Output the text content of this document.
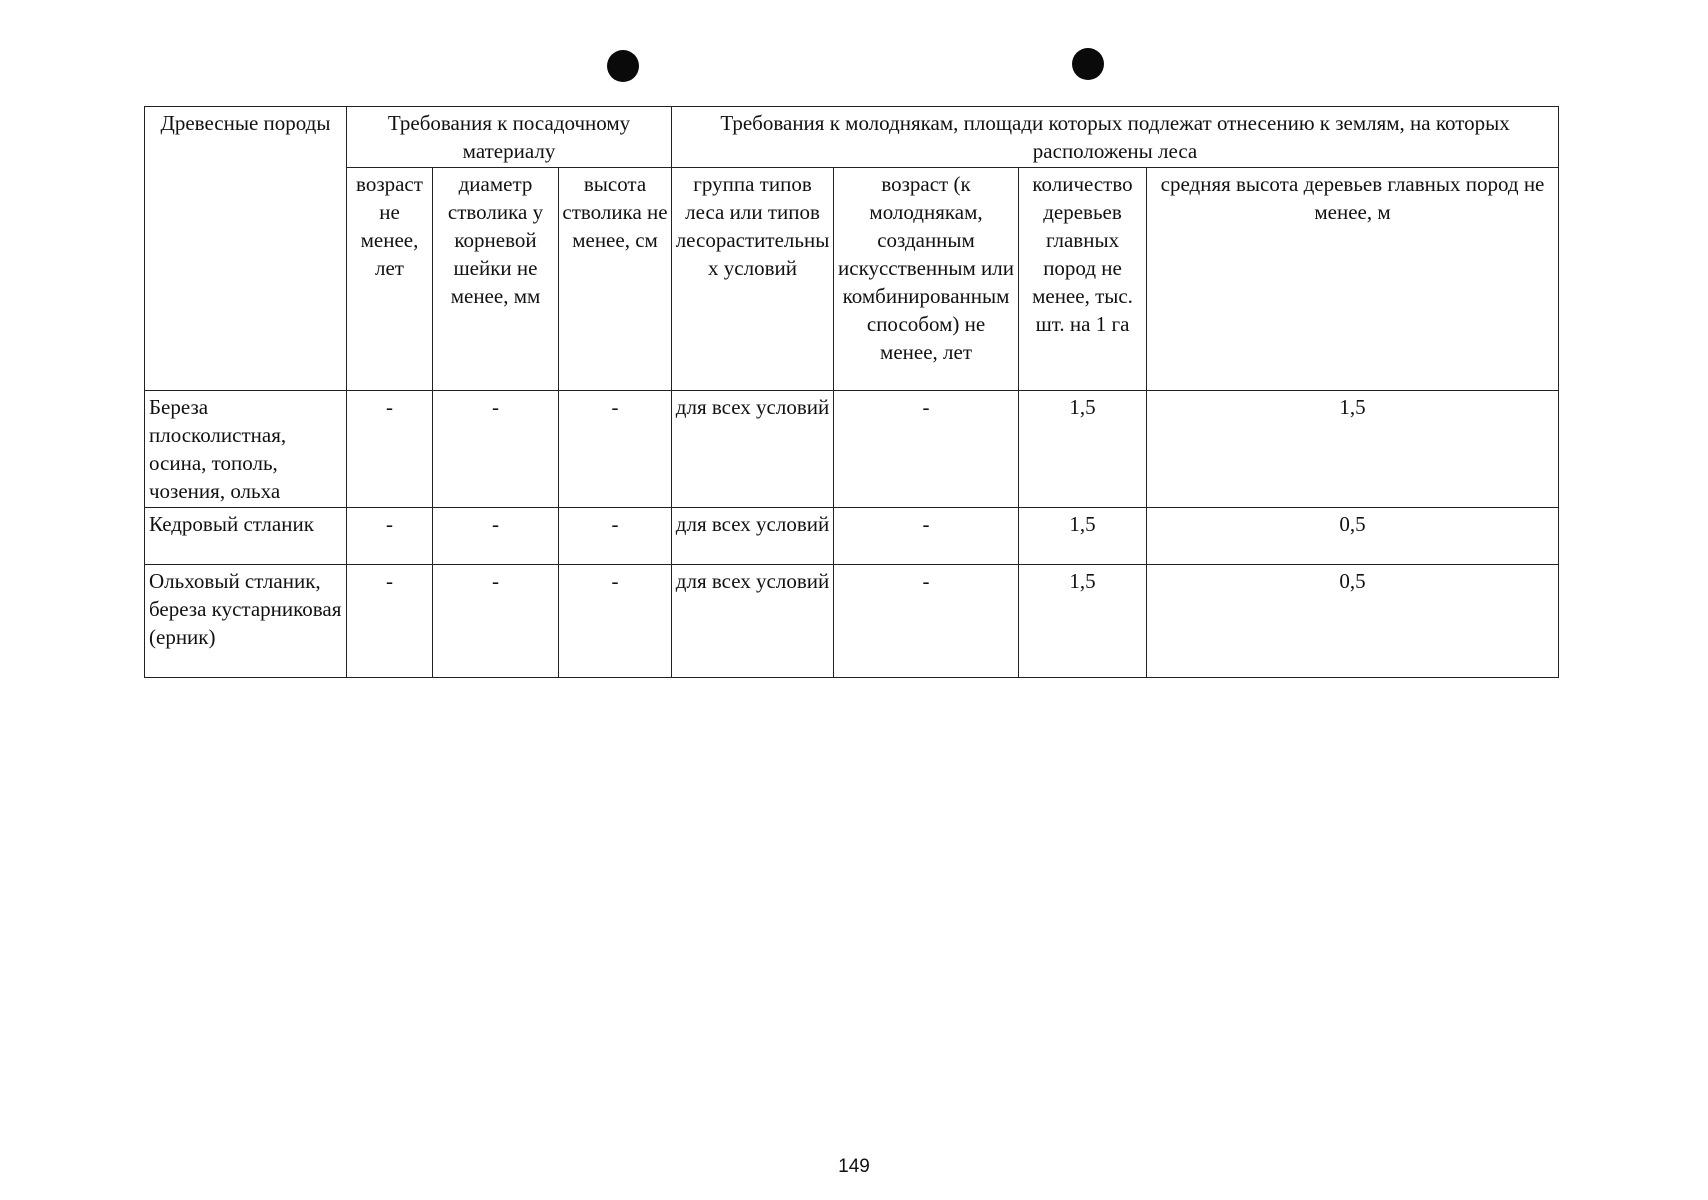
Древесные породы	Требования к посадочному материалу			Требования к молоднякам, площади которых подлежат отнесению к землям, на которых расположены леса			
	возраст не менее, лет	диаметр стволика у корневой шейки не менее, мм	высота стволика не менее, см	группа типов леса или типов лесорастительных условий	возраст (к молоднякам, созданным искусственным или комбинированным способом) не менее, лет	количество деревьев главных пород не менее, тыс. шт. на 1 га	средняя высота деревьев главных пород не менее, м
Береза плосколистная, осина, тополь, чозения, ольха	-	-	-	для всех условий	-	1,5	1,5
Кедровый стланик	-	-	-	для всех условий	-	1,5	0,5
Ольховый стланик, береза кустарниковая (ерник)	-	-	-	для всех условий	-	1,5	0,5
149
